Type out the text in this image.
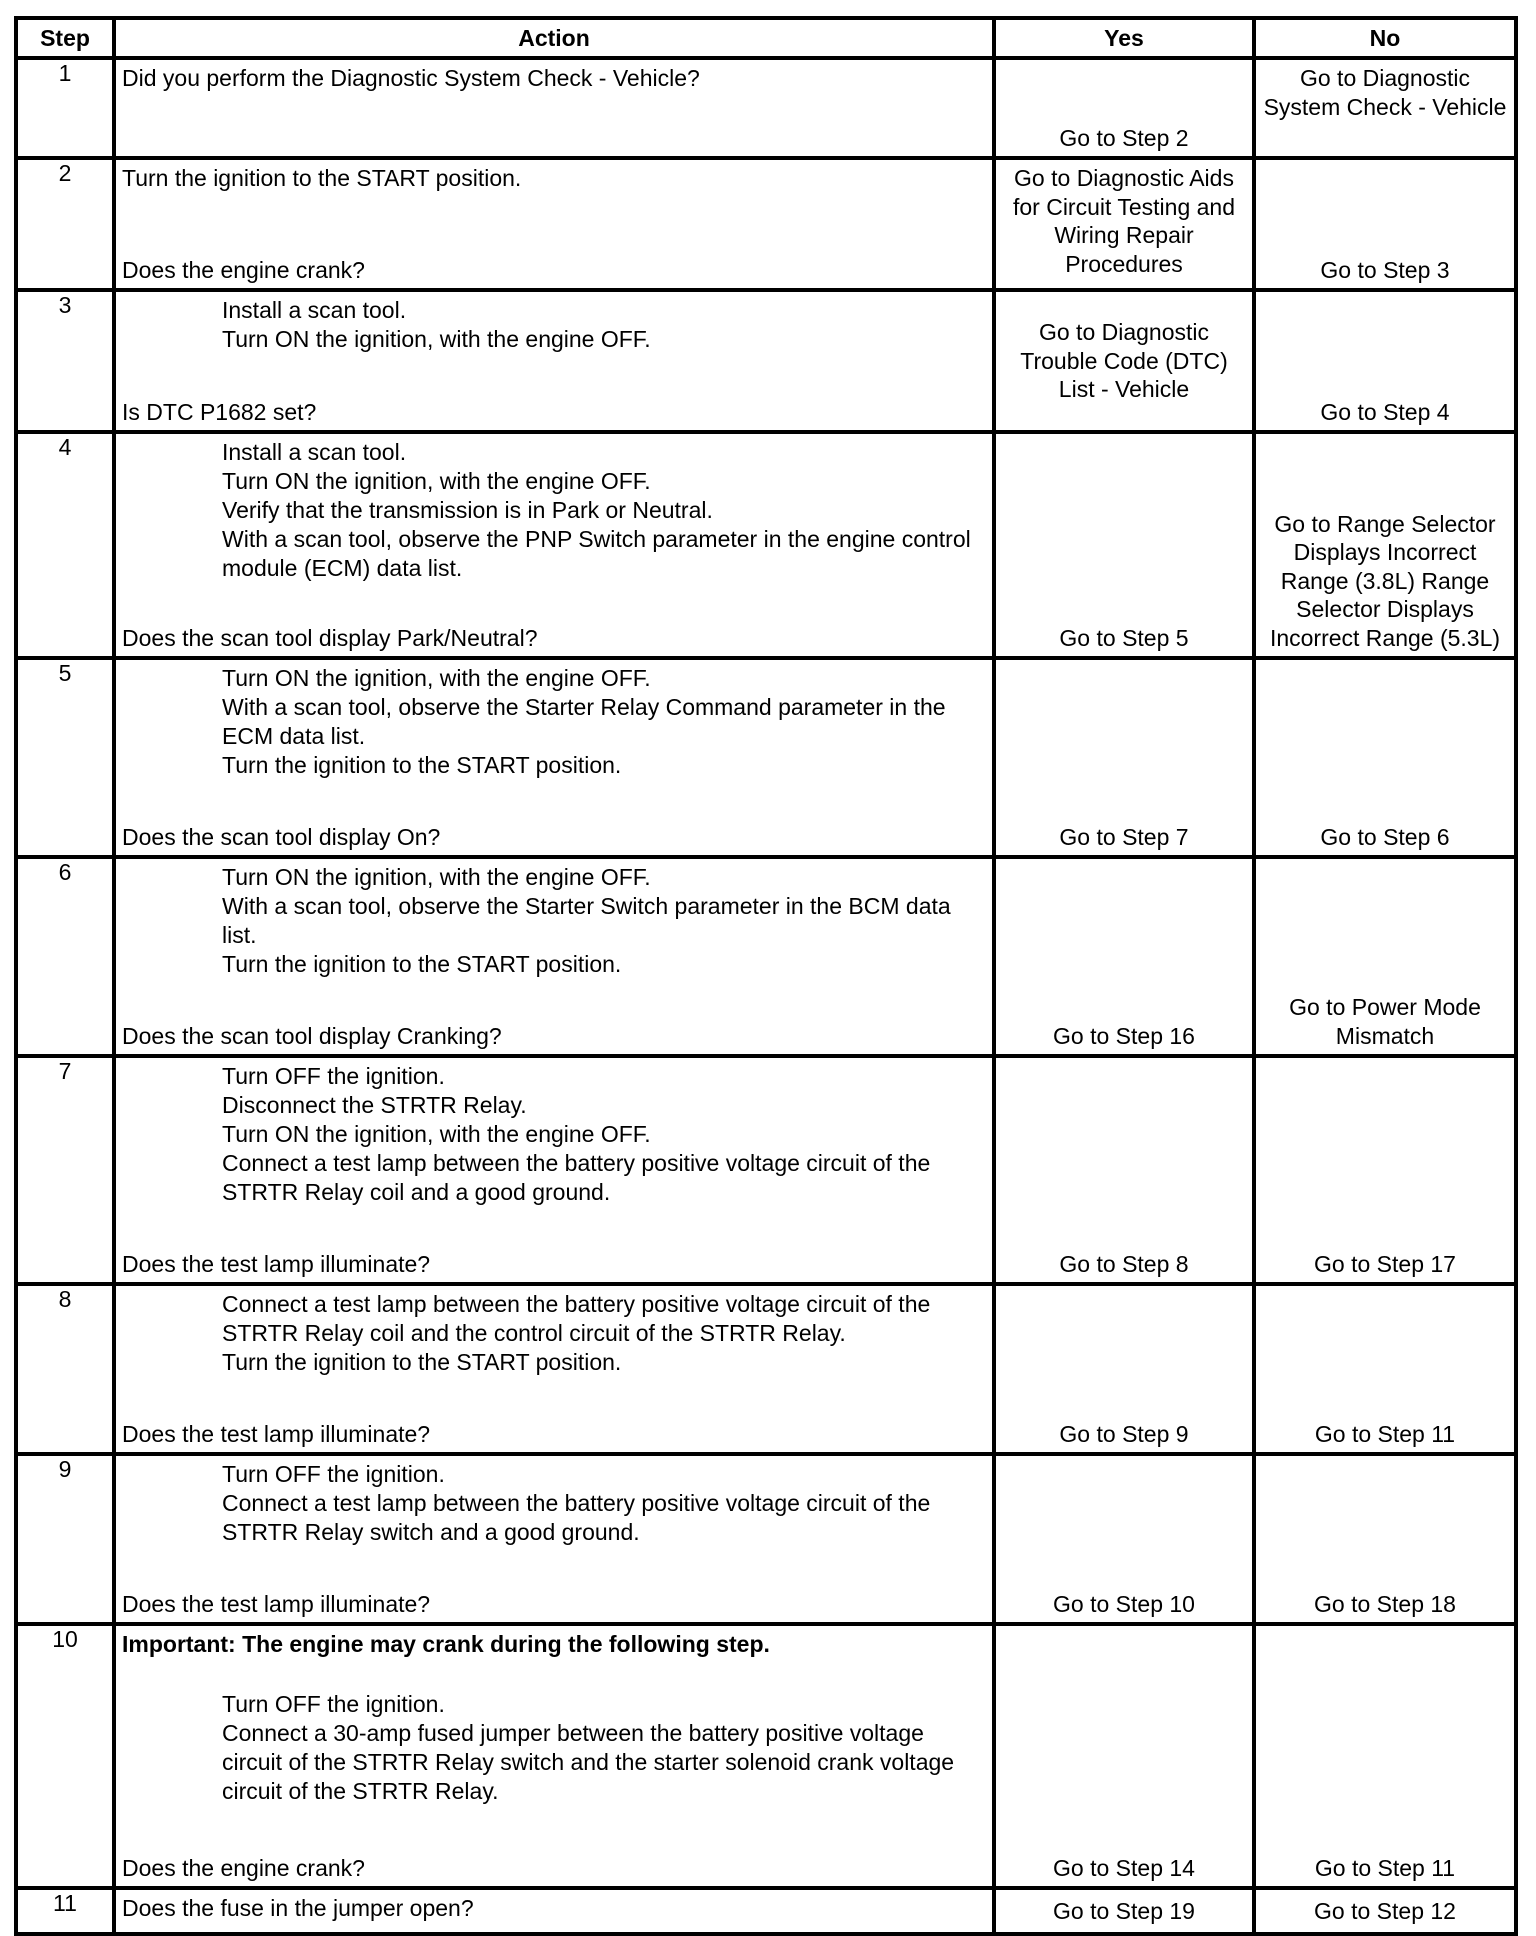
Step	Action	Yes	No
1	Did you perform the Diagnostic System Check - Vehicle?	Go to Step 2	Go to Diagnostic System Check - Vehicle

2	Turn the ignition to the START position.
Does the engine crank?	Go to Diagnostic Aids for Circuit Testing and Wiring Repair Procedures	Go to Step 3

3	Install a scan tool.
Turn ON the ignition, with the engine OFF.
Is DTC P1682 set?	Go to Diagnostic Trouble Code (DTC) List - Vehicle	Go to Step 4

4	Install a scan tool.
Turn ON the ignition, with the engine OFF.
Verify that the transmission is in Park or Neutral.
With a scan tool, observe the PNP Switch parameter in the engine control module (ECM) data list.
Does the scan tool display Park/Neutral?	Go to Step 5	Go to Range Selector Displays Incorrect Range (3.8L) Range Selector Displays Incorrect Range (5.3L)

5	Turn ON the ignition, with the engine OFF.
With a scan tool, observe the Starter Relay Command parameter in the ECM data list.
Turn the ignition to the START position.
Does the scan tool display On?	Go to Step 7	Go to Step 6

6	Turn ON the ignition, with the engine OFF.
With a scan tool, observe the Starter Switch parameter in the BCM data list.
Turn the ignition to the START position.
Does the scan tool display Cranking?	Go to Step 16	Go to Power Mode Mismatch

7	Turn OFF the ignition.
Disconnect the STRTR Relay.
Turn ON the ignition, with the engine OFF.
Connect a test lamp between the battery positive voltage circuit of the STRTR Relay coil and a good ground.
Does the test lamp illuminate?	Go to Step 8	Go to Step 17

8	Connect a test lamp between the battery positive voltage circuit of the STRTR Relay coil and the control circuit of the STRTR Relay.
Turn the ignition to the START position.
Does the test lamp illuminate?	Go to Step 9	Go to Step 11

9	Turn OFF the ignition.
Connect a test lamp between the battery positive voltage circuit of the STRTR Relay switch and a good ground.
Does the test lamp illuminate?	Go to Step 10	Go to Step 18

10	Important: The engine may crank during the following step.
Turn OFF the ignition.
Connect a 30-amp fused jumper between the battery positive voltage circuit of the STRTR Relay switch and the starter solenoid crank voltage circuit of the STRTR Relay.
Does the engine crank?	Go to Step 14	Go to Step 11

11	Does the fuse in the jumper open?	Go to Step 19	Go to Step 12
